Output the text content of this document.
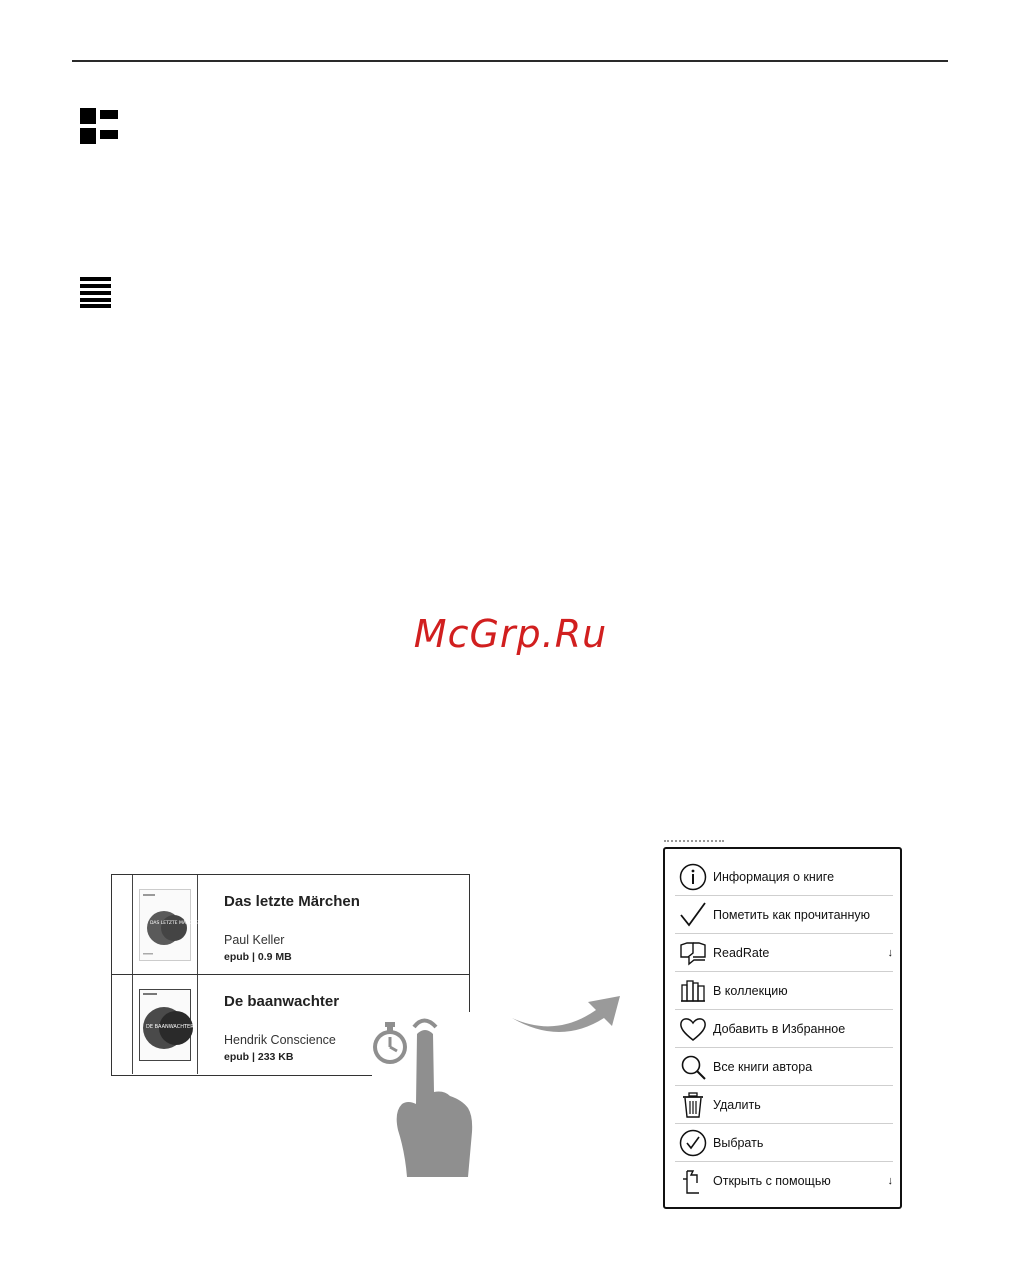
McGrp.Ru
DAS LETZTE MÄRCHEN
Das letzte Märchen
Paul Keller
epub | 0.9 MB
DE BAANWACHTER
De baanwachter
Hendrik Conscience
epub | 233 KB
Информация о книге
Пометить как прочитанную
ReadRate	↓
В коллекцию
Добавить в Избранное
Все книги автора
Удалить
Выбрать
Открыть с помощью	↓
